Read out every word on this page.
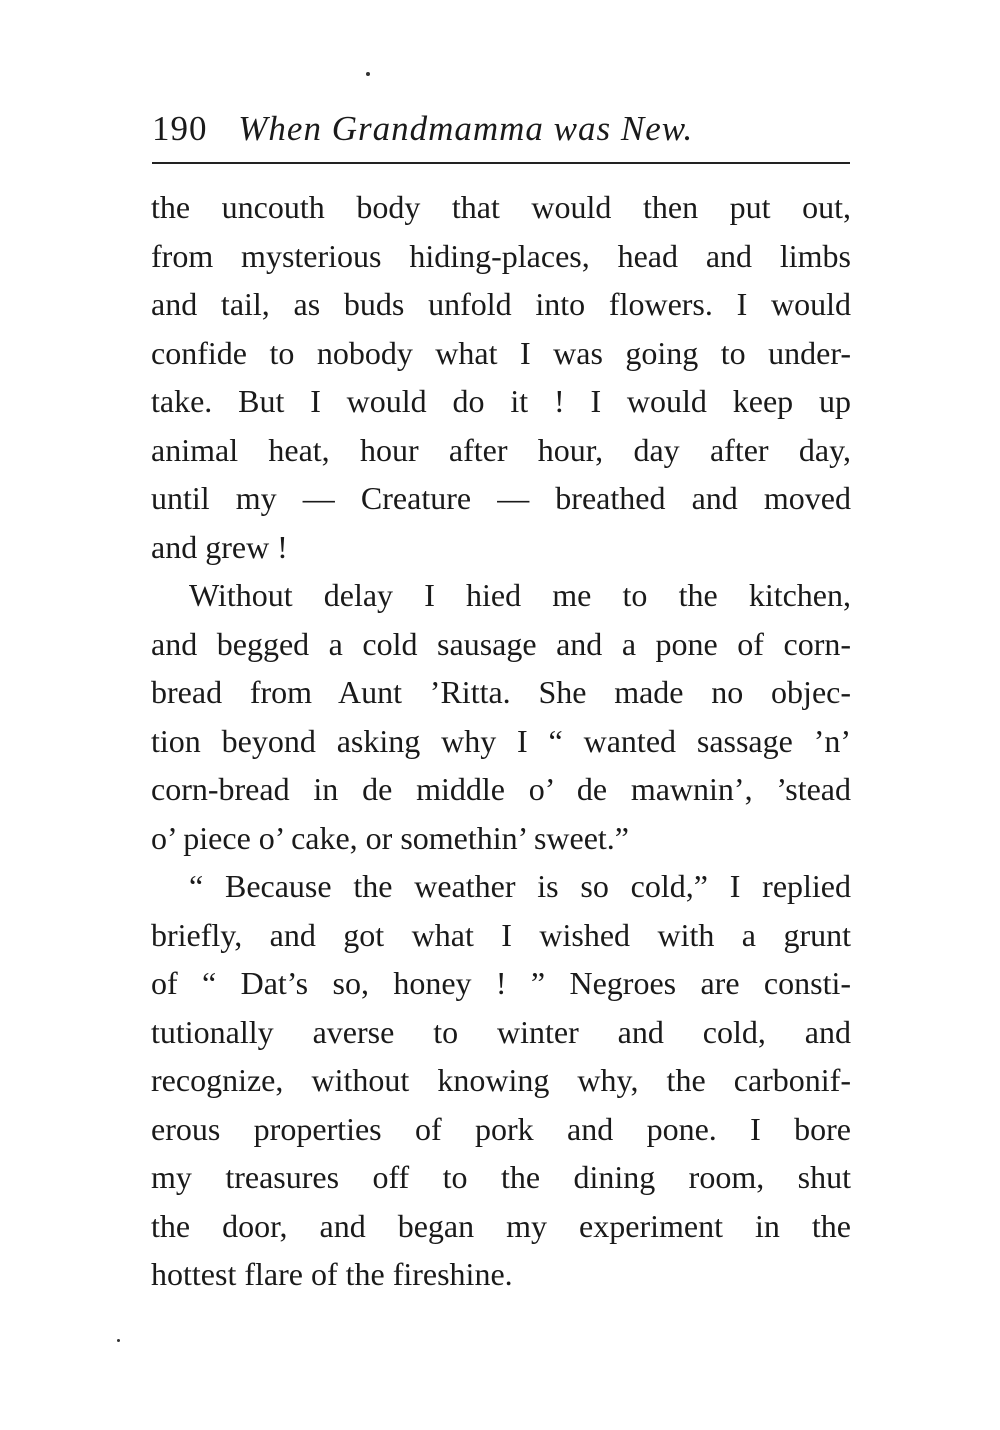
190 When Grandmamma was New.
the uncouth body that would then put out,
from mysterious hiding-places, head and limbs
and tail, as buds unfold into flowers. I would
confide to nobody what I was going to under-
take. But I would do it ! I would keep up
animal heat, hour after hour, day after day,
until my — Creature — breathed and moved
and grew !
Without delay I hied me to the kitchen,
and begged a cold sausage and a pone of corn-
bread from Aunt ’Ritta. She made no objec-
tion beyond asking why I “ wanted sassage ’n’
corn-bread in de middle o’ de mawnin’, ’stead
o’ piece o’ cake, or somethin’ sweet.”
“ Because the weather is so cold,” I replied
briefly, and got what I wished with a grunt
of “ Dat’s so, honey ! ” Negroes are consti-
tutionally averse to winter and cold, and
recognize, without knowing why, the carbonif-
erous properties of pork and pone. I bore
my treasures off to the dining room, shut
the door, and began my experiment in the
hottest flare of the fireshine.
